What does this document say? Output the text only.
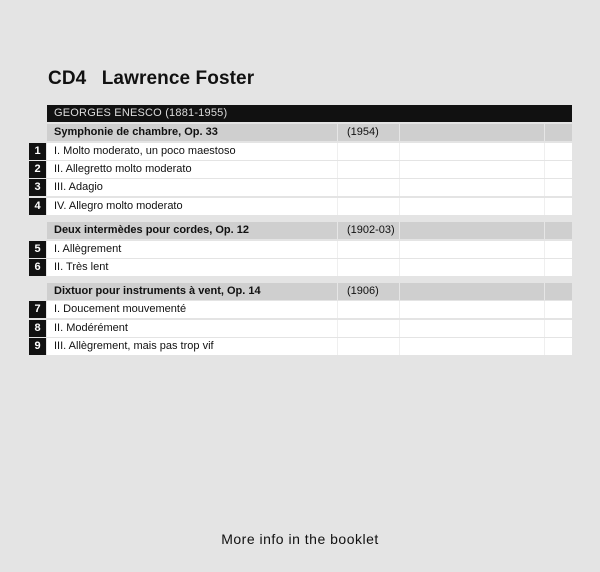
CD4 Lawrence Foster
GEORGES ENESCO (1881-1955)
Symphonie de chambre, Op. 33	(1954)
1	I. Molto moderato, un poco maestoso
2	II. Allegretto molto moderato
3	III. Adagio
4	IV. Allegro molto moderato
Deux intermèdes pour cordes, Op. 12	(1902-03)
5	I. Allègrement
6	II. Très lent
Dixtuor pour instruments à vent, Op. 14	(1906)
7	I. Doucement mouvementé
8	II. Modérément
9	III. Allègrement, mais pas trop vif
More info in the booklet
